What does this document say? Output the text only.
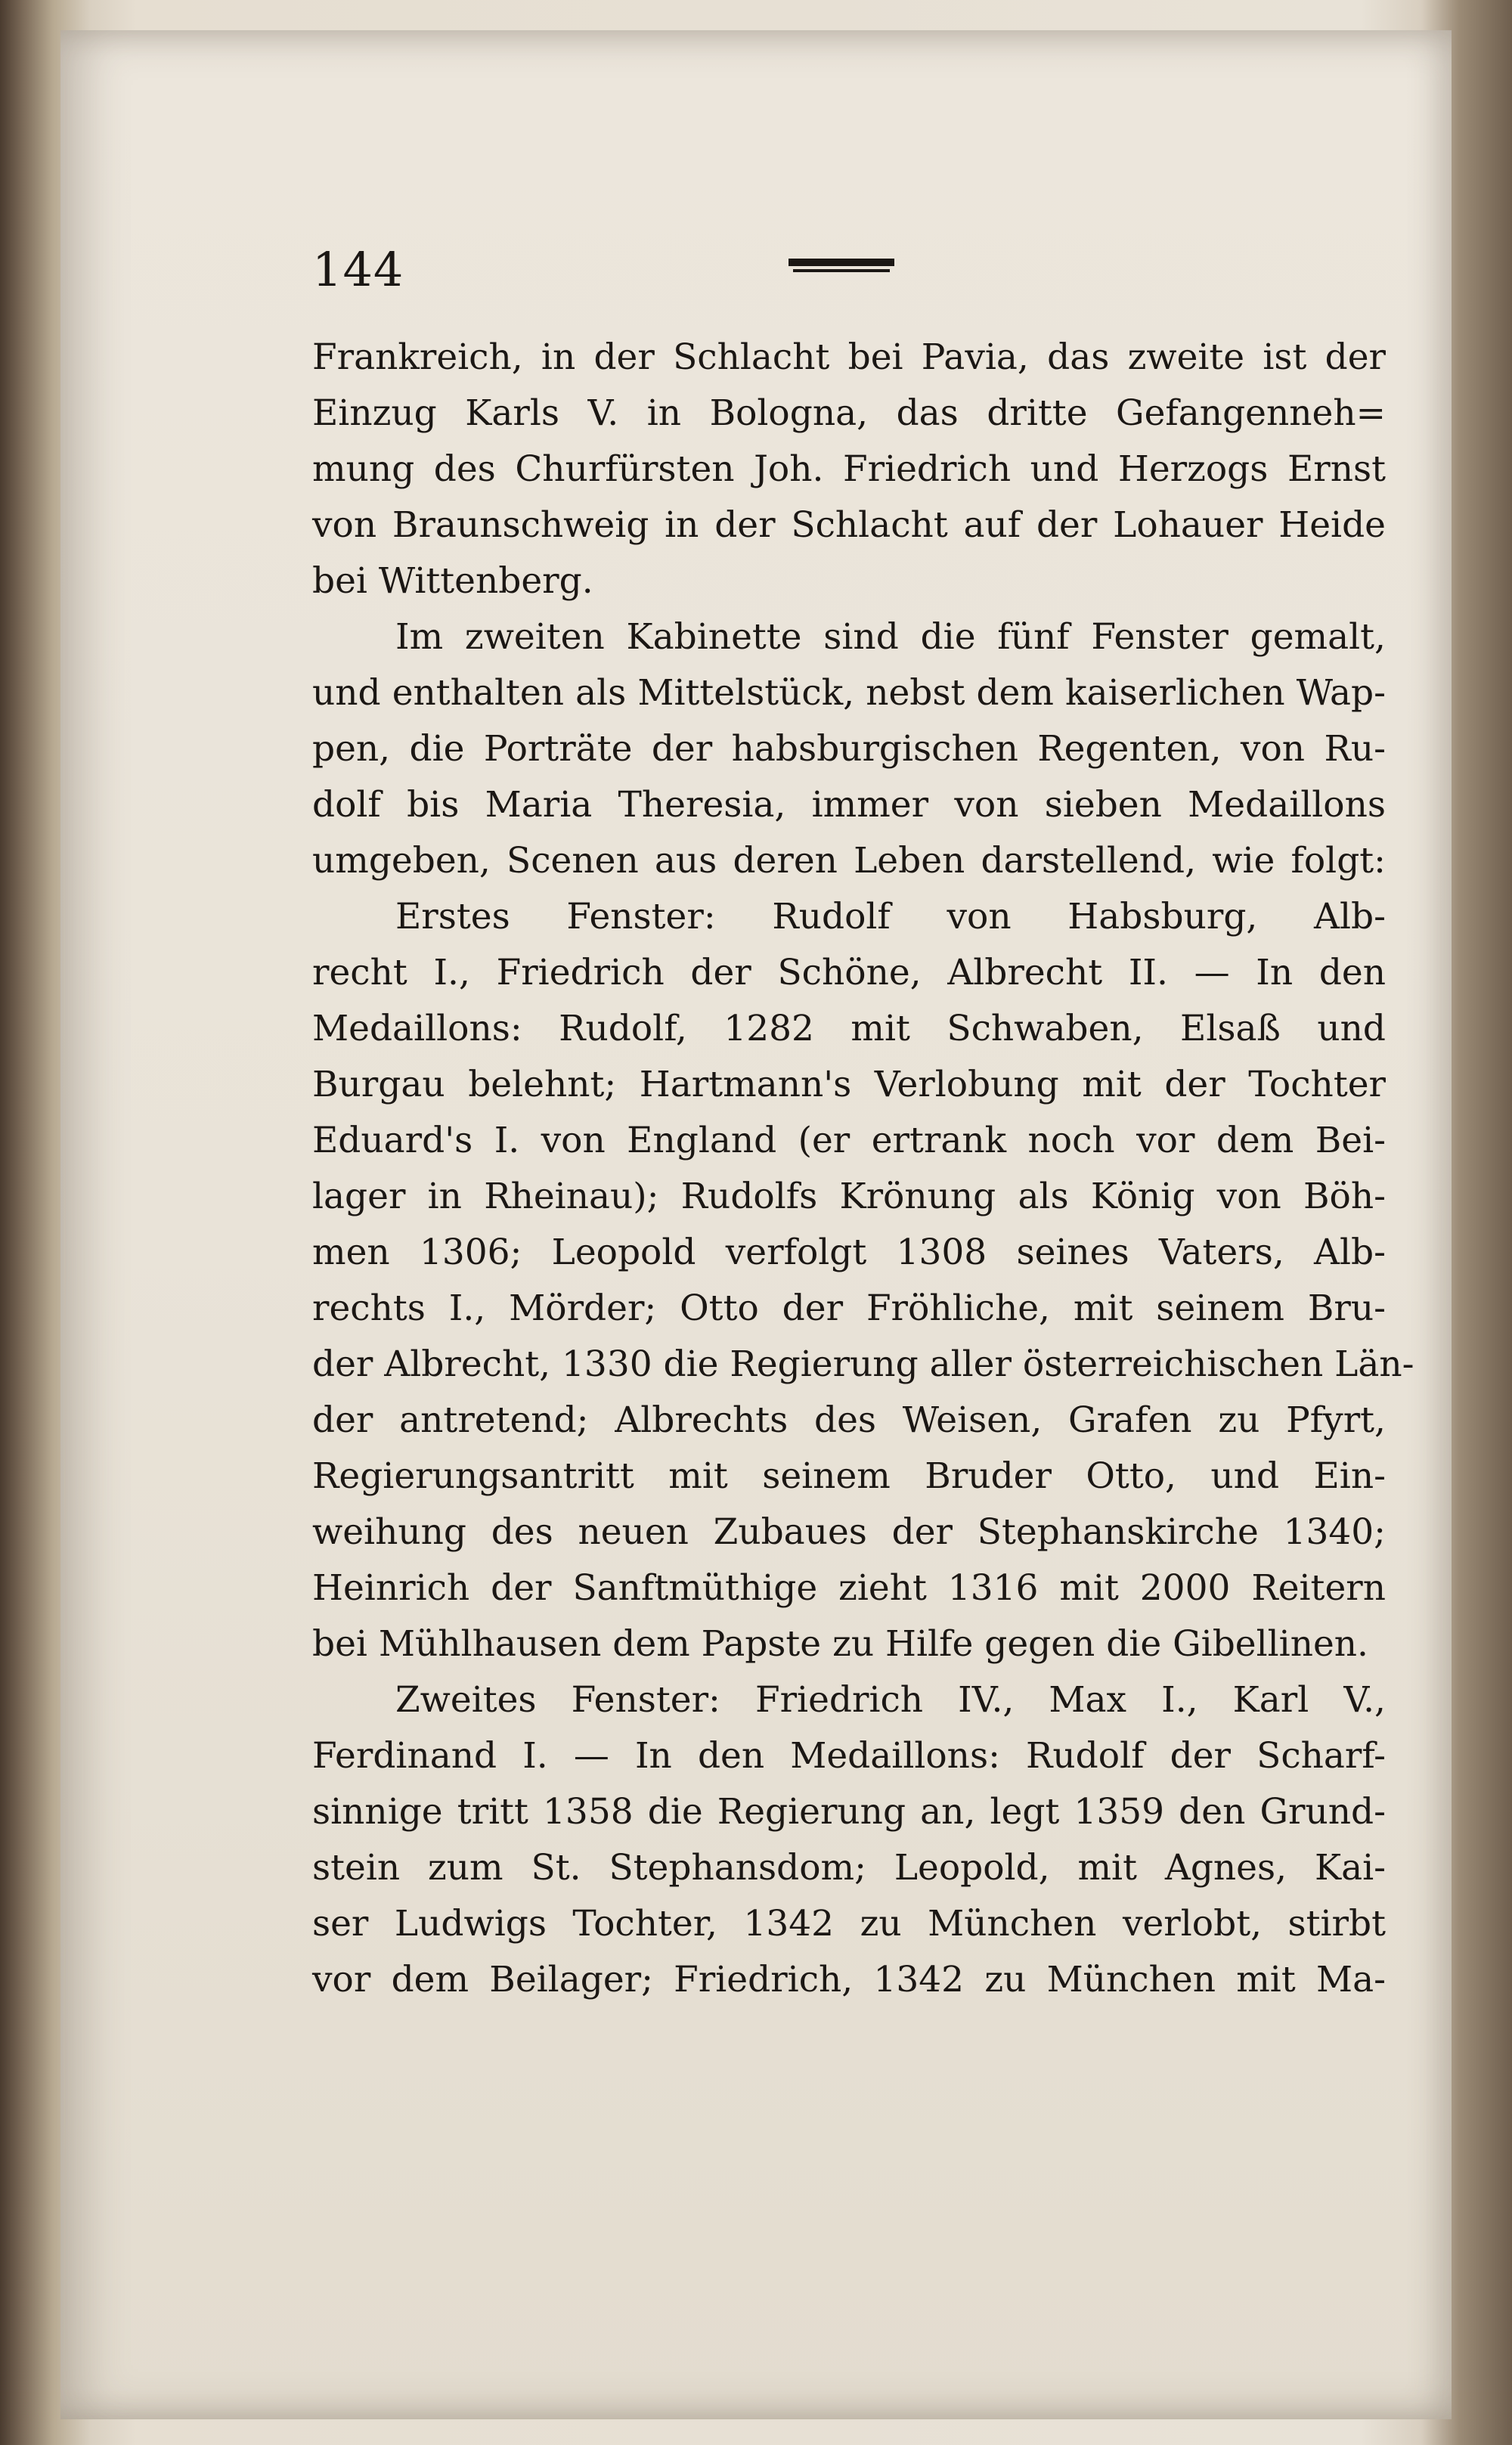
144
Frankreich, in der Schlacht bei Pavia, das zweite ist der
Einzug Karls V. in Bologna, das dritte Gefangenneh=
mung des Churfürsten Joh. Friedrich und Herzogs Ernst
von Braunschweig in der Schlacht auf der Lohauer Heide
bei Wittenberg.
Im zweiten Kabinette sind die fünf Fenster gemalt,
und enthalten als Mittelstück, nebst dem kaiserlichen Wap-
pen, die Porträte der habsburgischen Regenten, von Ru-
dolf bis Maria Theresia, immer von sieben Medaillons
umgeben, Scenen aus deren Leben darstellend, wie folgt:
Erstes Fenster: Rudolf von Habsburg, Alb-
recht I., Friedrich der Schöne, Albrecht II. — In den
Medaillons: Rudolf, 1282 mit Schwaben, Elsaß und
Burgau belehnt; Hartmann's Verlobung mit der Tochter
Eduard's I. von England (er ertrank noch vor dem Bei-
lager in Rheinau); Rudolfs Krönung als König von Böh-
men 1306; Leopold verfolgt 1308 seines Vaters, Alb-
rechts I., Mörder; Otto der Fröhliche, mit seinem Bru-
der Albrecht, 1330 die Regierung aller österreichischen Län-
der antretend; Albrechts des Weisen, Grafen zu Pfyrt,
Regierungsantritt mit seinem Bruder Otto, und Ein-
weihung des neuen Zubaues der Stephanskirche 1340;
Heinrich der Sanftmüthige zieht 1316 mit 2000 Reitern
bei Mühlhausen dem Papste zu Hilfe gegen die Gibellinen.
Zweites Fenster: Friedrich IV., Max I., Karl V.,
Ferdinand I. — In den Medaillons: Rudolf der Scharf-
sinnige tritt 1358 die Regierung an, legt 1359 den Grund-
stein zum St. Stephansdom; Leopold, mit Agnes, Kai-
ser Ludwigs Tochter, 1342 zu München verlobt, stirbt
vor dem Beilager; Friedrich, 1342 zu München mit Ma-
